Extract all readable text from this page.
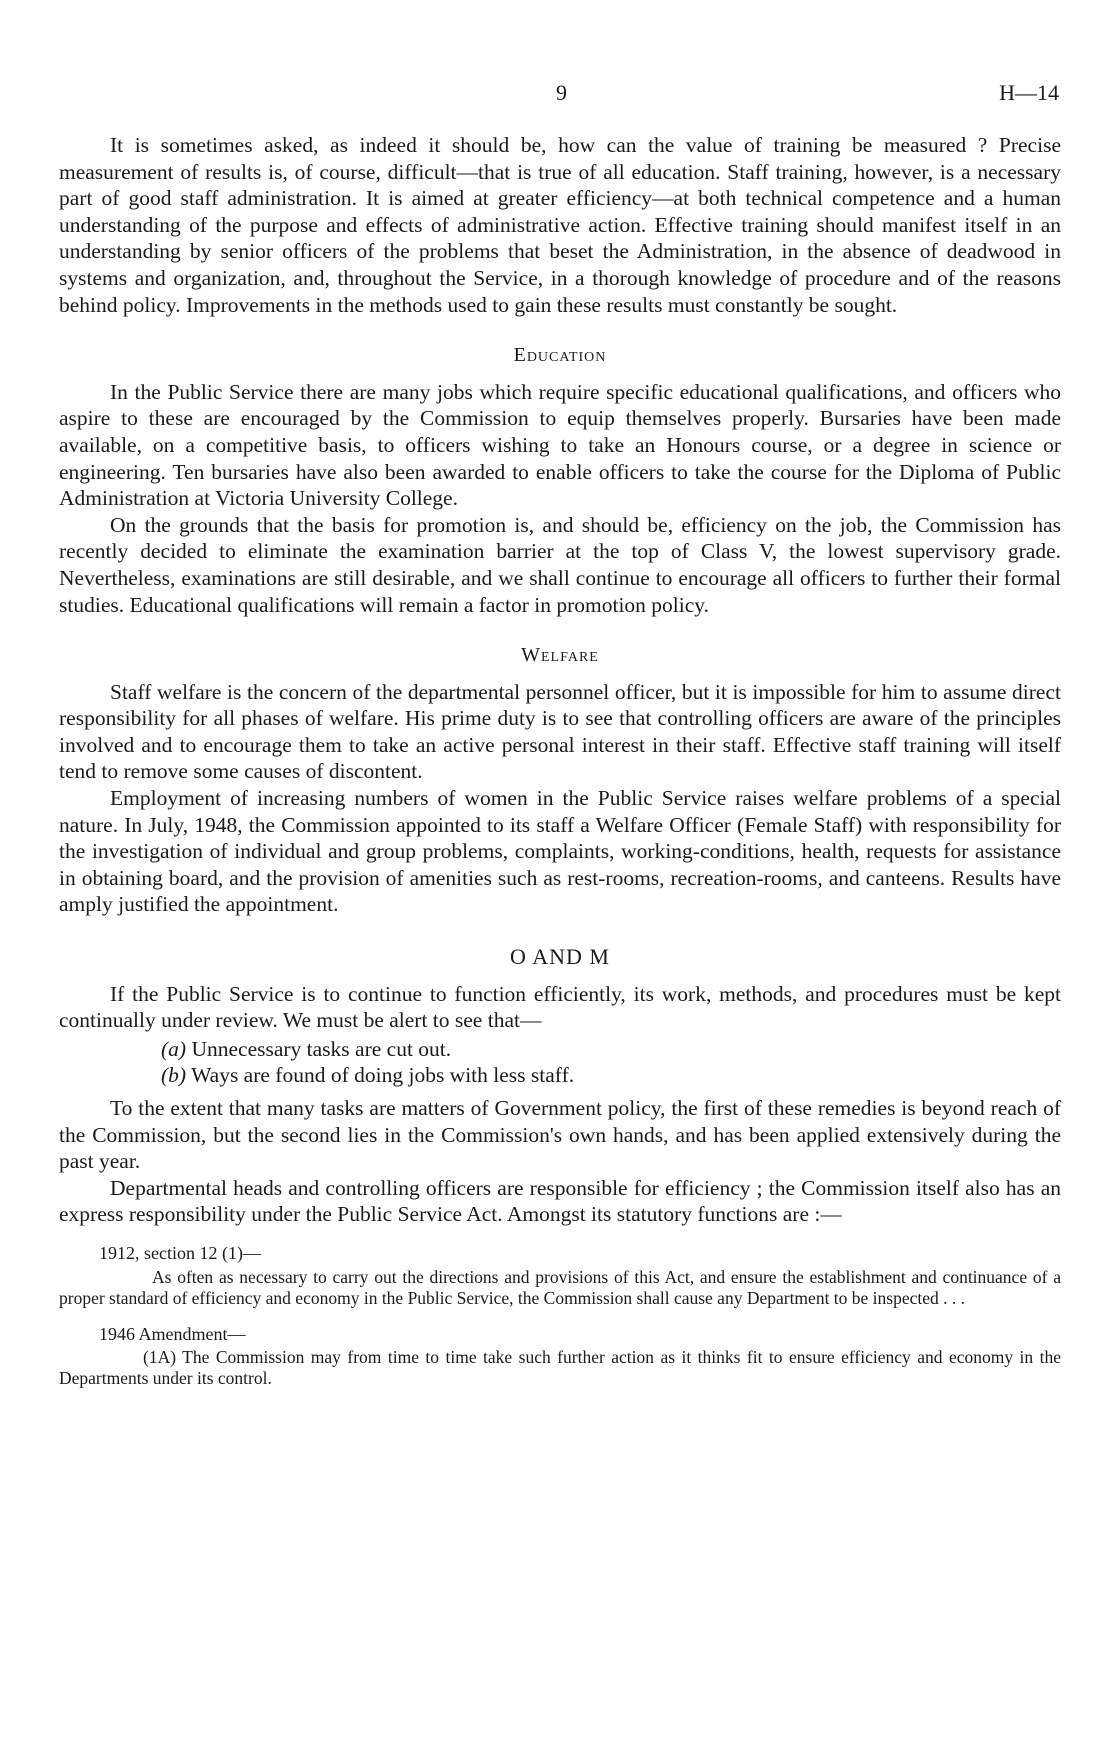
9	H—14

It is sometimes asked, as indeed it should be, how can the value of training be measured ? Precise measurement of results is, of course, difficult—that is true of all education. Staff training, however, is a necessary part of good staff administration. It is aimed at greater efficiency—at both technical competence and a human understanding of the purpose and effects of administrative action. Effective training should manifest itself in an understanding by senior officers of the problems that beset the Administration, in the absence of deadwood in systems and organization, and, throughout the Service, in a thorough knowledge of procedure and of the reasons behind policy. Improvements in the methods used to gain these results must constantly be sought.

Education

In the Public Service there are many jobs which require specific educational qualifications, and officers who aspire to these are encouraged by the Commission to equip themselves properly. Bursaries have been made available, on a competitive basis, to officers wishing to take an Honours course, or a degree in science or engineering. Ten bursaries have also been awarded to enable officers to take the course for the Diploma of Public Administration at Victoria University College.

On the grounds that the basis for promotion is, and should be, efficiency on the job, the Commission has recently decided to eliminate the examination barrier at the top of Class V, the lowest supervisory grade. Nevertheless, examinations are still desirable, and we shall continue to encourage all officers to further their formal studies. Educational qualifications will remain a factor in promotion policy.

Welfare

Staff welfare is the concern of the departmental personnel officer, but it is impossible for him to assume direct responsibility for all phases of welfare. His prime duty is to see that controlling officers are aware of the principles involved and to encourage them to take an active personal interest in their staff. Effective staff training will itself tend to remove some causes of discontent.

Employment of increasing numbers of women in the Public Service raises welfare problems of a special nature. In July, 1948, the Commission appointed to its staff a Welfare Officer (Female Staff) with responsibility for the investigation of individual and group problems, complaints, working-conditions, health, requests for assistance in obtaining board, and the provision of amenities such as rest-rooms, recreation-rooms, and canteens. Results have amply justified the appointment.

O AND M

If the Public Service is to continue to function efficiently, its work, methods, and procedures must be kept continually under review. We must be alert to see that—

(a) Unnecessary tasks are cut out.
(b) Ways are found of doing jobs with less staff.

To the extent that many tasks are matters of Government policy, the first of these remedies is beyond reach of the Commission, but the second lies in the Commission's own hands, and has been applied extensively during the past year.

Departmental heads and controlling officers are responsible for efficiency ; the Commission itself also has an express responsibility under the Public Service Act. Amongst its statutory functions are :—

1912, section 12 (1)—

As often as necessary to carry out the directions and provisions of this Act, and ensure the establishment and continuance of a proper standard of efficiency and economy in the Public Service, the Commission shall cause any Department to be inspected . . .

1946 Amendment—

(1A) The Commission may from time to time take such further action as it thinks fit to ensure efficiency and economy in the Departments under its control.
